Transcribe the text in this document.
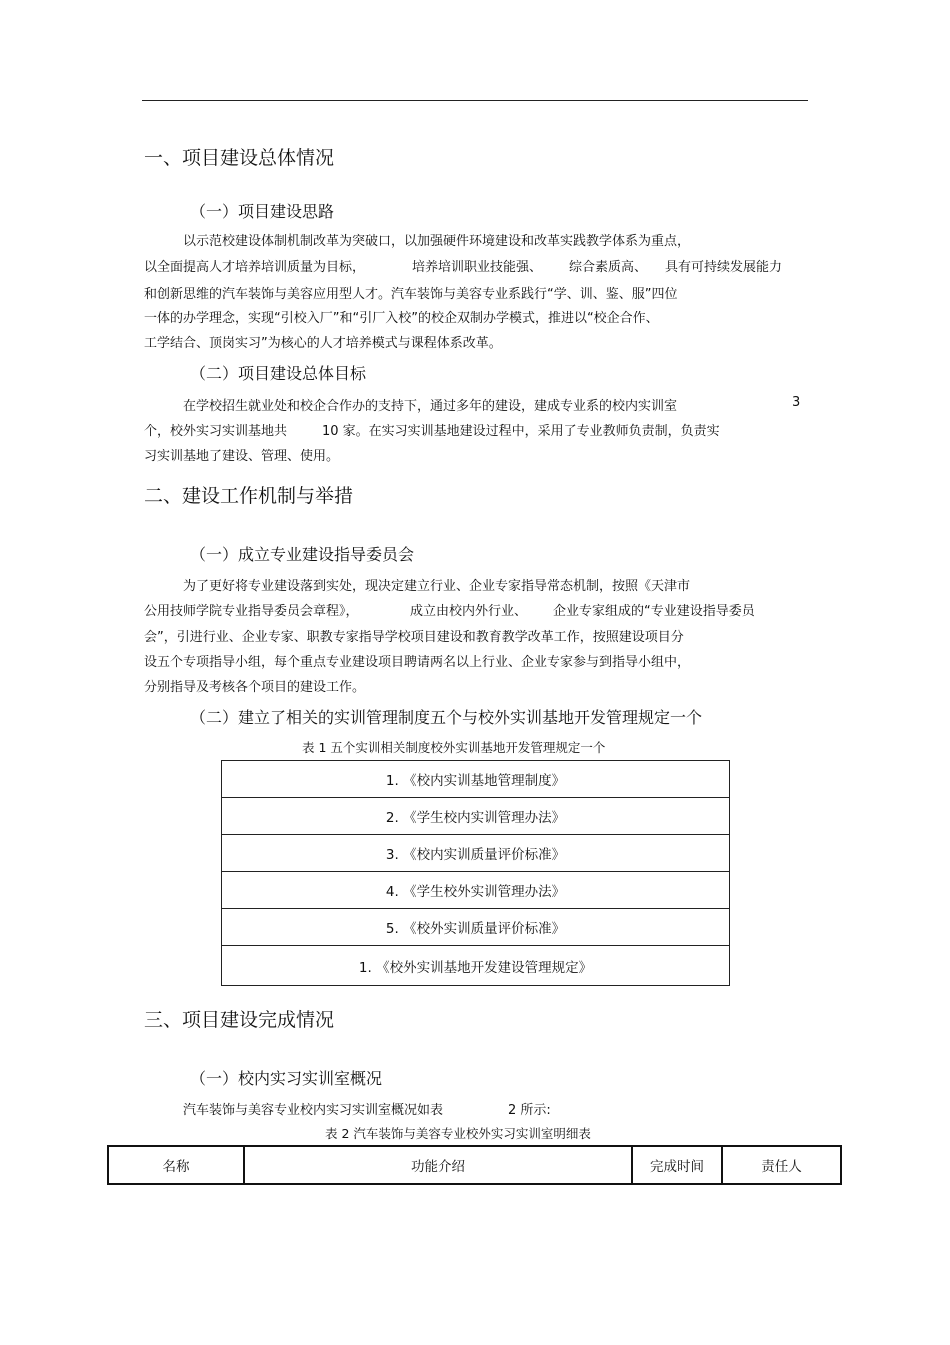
一、项目建设总体情况
（一）项目建设思路
以示范校建设体制机制改革为突破口，以加强硬件环境建设和改革实践教学体系为重点，
以全面提高人才培养培训质量为目标，	培养培训职业技能强、 综合素质高、 具有可持续发展能力
和创新思维的汽车装饰与美容应用型人才。汽车装饰与美容专业系践行“学、训、鉴、服”四位
一体的办学理念，实现“引校入厂”和“引厂入校”的校企双制办学模式，推进以“校企合作、
工学结合、顶岗实习”为核心的人才培养模式与课程体系改革。
（二）项目建设总体目标
在学校招生就业处和校企合作办的支持下，通过多年的建设，建成专业系的校内实训室	3
个，校外实习实训基地共	10 家。在实习实训基地建设过程中，采用了专业教师负责制，负责实
习实训基地了建设、管理、使用。
二、建设工作机制与举措
（一）成立专业建设指导委员会
为了更好将专业建设落到实处，现决定建立行业、企业专家指导常态机制，按照《天津市
公用技师学院专业指导委员会章程》，	成立由校内外行业、 企业专家组成的“专业建设指导委员
会”，引进行业、企业专家、职教专家指导学校项目建设和教育教学改革工作，按照建设项目分
设五个专项指导小组，每个重点专业建设项目聘请两名以上行业、企业专家参与到指导小组中，
分别指导及考核各个项目的建设工作。
（二）建立了相关的实训管理制度五个与校外实训基地开发管理规定一个
表 1 五个实训相关制度校外实训基地开发管理规定一个
1. 《校内实训基地管理制度》
2. 《学生校内实训管理办法》
3. 《校内实训质量评价标准》
4. 《学生校外实训管理办法》
5. 《校外实训质量评价标准》
1. 《校外实训基地开发建设管理规定》
三、项目建设完成情况
（一）校内实习实训室概况
汽车装饰与美容专业校内实习实训室概况如表	2 所示:
表 2 汽车装饰与美容专业校外实习实训室明细表
名称	功能介绍	完成时间	责任人
